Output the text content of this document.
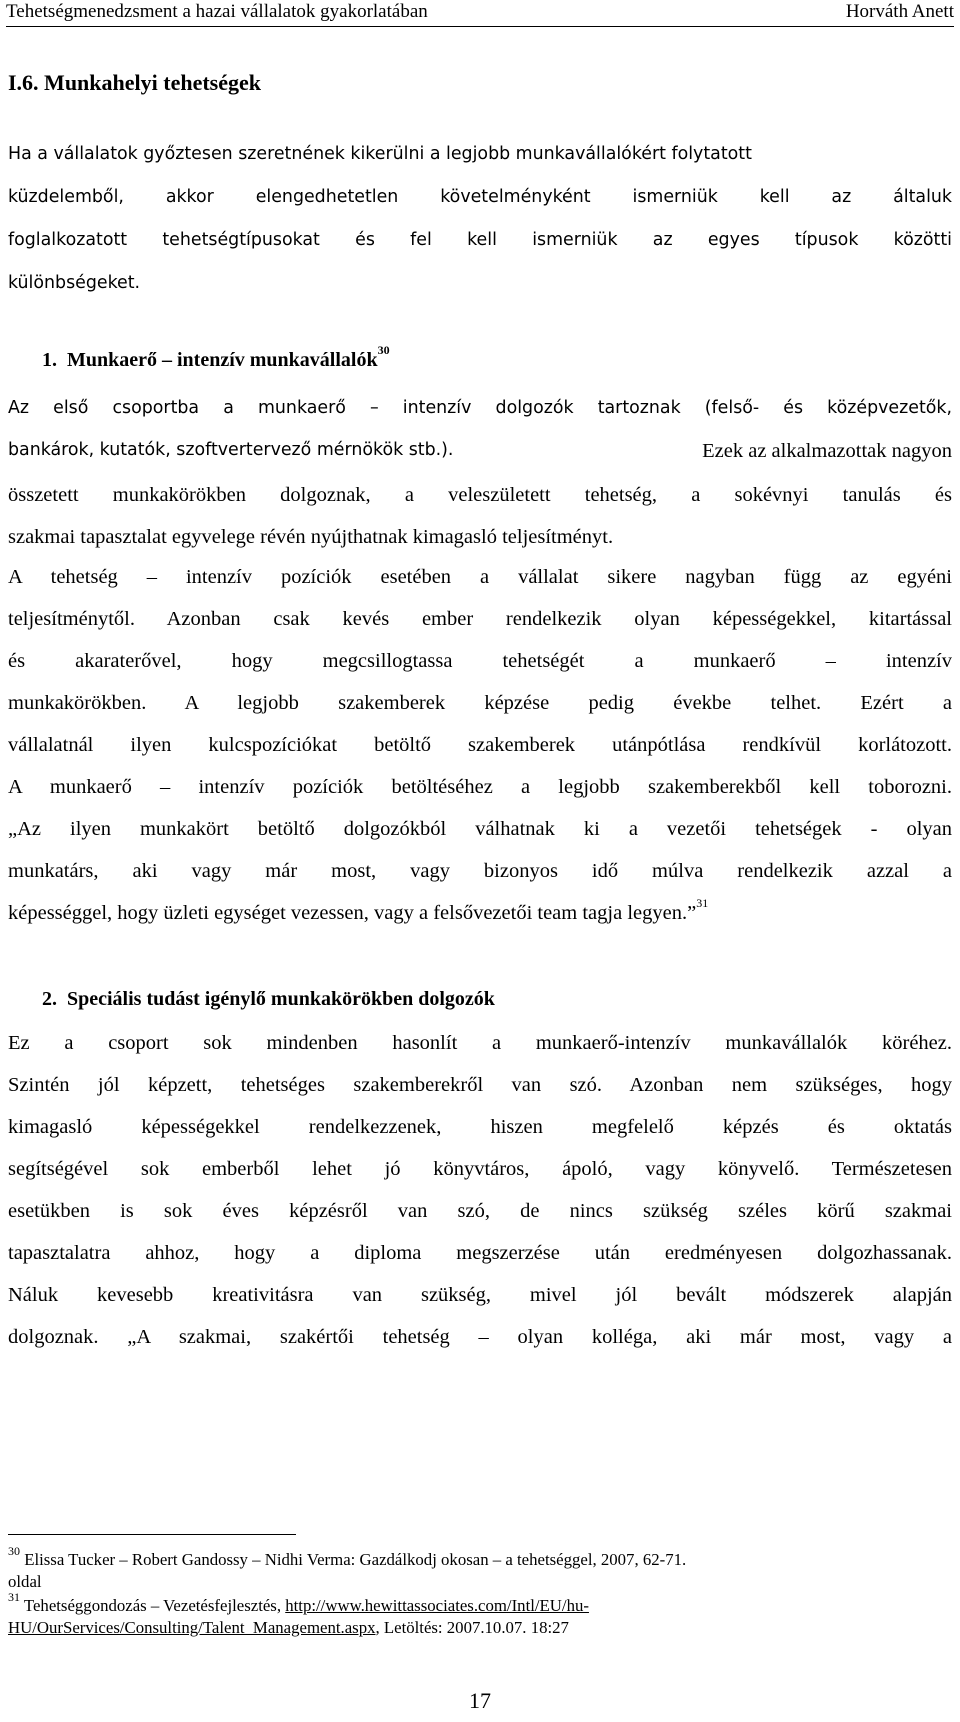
Tehetségmenedzsment a hazai vállalatok gyakorlatában	Horváth Anett
I.6. Munkahelyi tehetségek
Ha a vállalatok győztesen szeretnének kikerülni a legjobb munkavállalókért folytatott
küzdelemből, akkor elengedhetetlen követelményként ismerniük kell az általuk
foglalkozatott tehetségtípusokat és fel kell ismerniük az egyes típusok közötti
különbségeket.
1. Munkaerő – intenzív munkavállalók$^{30}$
Az első csoportba a munkaerő – intenzív dolgozók tartoznak (felső- és középvezetők,
bankárok, kutatók, szoftvertervező mérnökök stb.).	Ezek az alkalmazottak nagyon
összetett munkakörökben dolgoznak, a veleszületett tehetség, a sokévnyi tanulás és
szakmai tapasztalat egyvelege révén nyújthatnak kimagasló teljesítményt.
A tehetség – intenzív pozíciók esetében a vállalat sikere nagyban függ az egyéni
teljesítménytől. Azonban csak kevés ember rendelkezik olyan képességekkel, kitartással
és akaraterővel, hogy megcsillogtassa tehetségét a munkaerő – intenzív
munkakörökben. A legjobb szakemberek képzése pedig évekbe telhet. Ezért a
vállalatnál ilyen kulcspozíciókat betöltő szakemberek utánpótlása rendkívül korlátozott.
A munkaerő – intenzív pozíciók betöltéséhez a legjobb szakemberekből kell toborozni.
„Az ilyen munkakört betöltő dolgozókból válhatnak ki a vezetői tehetségek - olyan
munkatárs, aki vagy már most, vagy bizonyos idő múlva rendelkezik azzal a
képességgel, hogy üzleti egységet vezessen, vagy a felsővezetői team tagja legyen.”$^{31}$
2. Speciális tudást igénylő munkakörökben dolgozók
Ez a csoport sok mindenben hasonlít a munkaerő-intenzív munkavállalók köréhez.
Szintén jól képzett, tehetséges szakemberekről van szó. Azonban nem szükséges, hogy
kimagasló képességekkel rendelkezzenek, hiszen megfelelő képzés és oktatás
segítségével sok emberből lehet jó könyvtáros, ápoló, vagy könyvelő. Természetesen
esetükben is sok éves képzésről van szó, de nincs szükség széles körű szakmai
tapasztalatra ahhoz, hogy a diploma megszerzése után eredményesen dolgozhassanak.
Náluk kevesebb kreativitásra van szükség, mivel jól bevált módszerek alapján
dolgoznak. „A szakmai, szakértői tehetség – olyan kolléga, aki már most, vagy a
$^{30}$ Elissa Tucker – Robert Gandossy – Nidhi Verma: Gazdálkodj okosan – a tehetséggel, 2007, 62-71.
oldal
$^{31}$ Tehetséggondozás – Vezetésfejlesztés, http://www.hewittassociates.com/Intl/EU/hu-
HU/OurServices/Consulting/Talent_Management.aspx, Letöltés: 2007.10.07. 18:27
17
